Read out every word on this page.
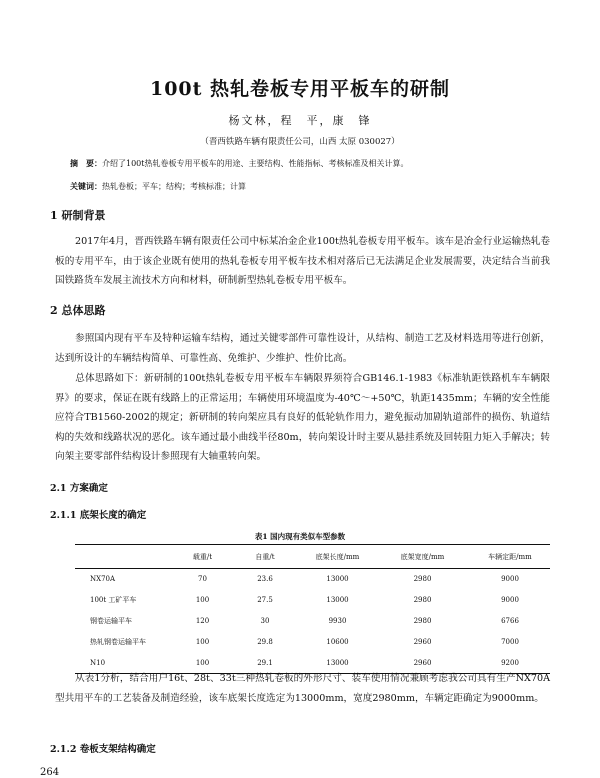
100t 热轧卷板专用平板车的研制
杨文林，程　平，康　锋
（晋西铁路车辆有限责任公司，山西 太原 030027）
摘　要：介绍了100t热轧卷板专用平板车的用途、主要结构、性能指标、考核标准及相关计算。
关键词：热轧卷板；平车；结构；考核标准；计算
1 研制背景
2017年4月，晋西铁路车辆有限责任公司中标某冶金企业100t热轧卷板专用平板车。该车是冶金行业运输热轧卷板的专用平车，由于该企业既有使用的热轧卷板专用平板车技术相对落后已无法满足企业发展需要，决定结合当前我国铁路货车发展主流技术方向和材料，研制新型热轧卷板专用平板车。
2 总体思路
参照国内现有平车及特种运输车结构，通过关键零部件可靠性设计，从结构、制造工艺及材料选用等进行创新，达到所设计的车辆结构简单、可靠性高、免维护、少维护、性价比高。
总体思路如下：新研制的100t热轧卷板专用平板车车辆限界须符合GB146.1-1983《标准轨距铁路机车车辆限界》的要求，保证在既有线路上的正常运用；车辆使用环境温度为-40℃～+50℃，轨距1435mm；车辆的安全性能应符合TB1560-2002的规定；新研制的转向架应具有良好的低轮轨作用力，避免振动加剧轨道部件的损伤、轨道结构的失效和线路状况的恶化。该车通过最小曲线半径80m，转向架设计时主要从悬挂系统及回转阻力矩入手解决；转向架主要零部件结构设计参照现有大轴重转向架。
2.1 方案确定
2.1.1 底架长度的确定
表1 国内现有类似车型参数
	载重/t	自重/t	底架长度/mm	底架宽度/mm	车辆定距/mm
NX70A	70	23.6	13000	2980	9000
100t 工矿平车	100	27.5	13000	2980	9000
钢卷运输平车	120	30	9930	2980	6766
热轧钢卷运输平车	100	29.8	10600	2960	7000
N10	100	29.1	13000	2960	9200
从表1分析，结合用户16t、28t、33t三种热轧卷板的外形尺寸、装车使用情况兼顾考虑我公司具有生产NX70A型共用平车的工艺装备及制造经验，该车底架长度选定为13000mm，宽度2980mm，车辆定距确定为9000mm。
2.1.2 卷板支架结构确定
264
